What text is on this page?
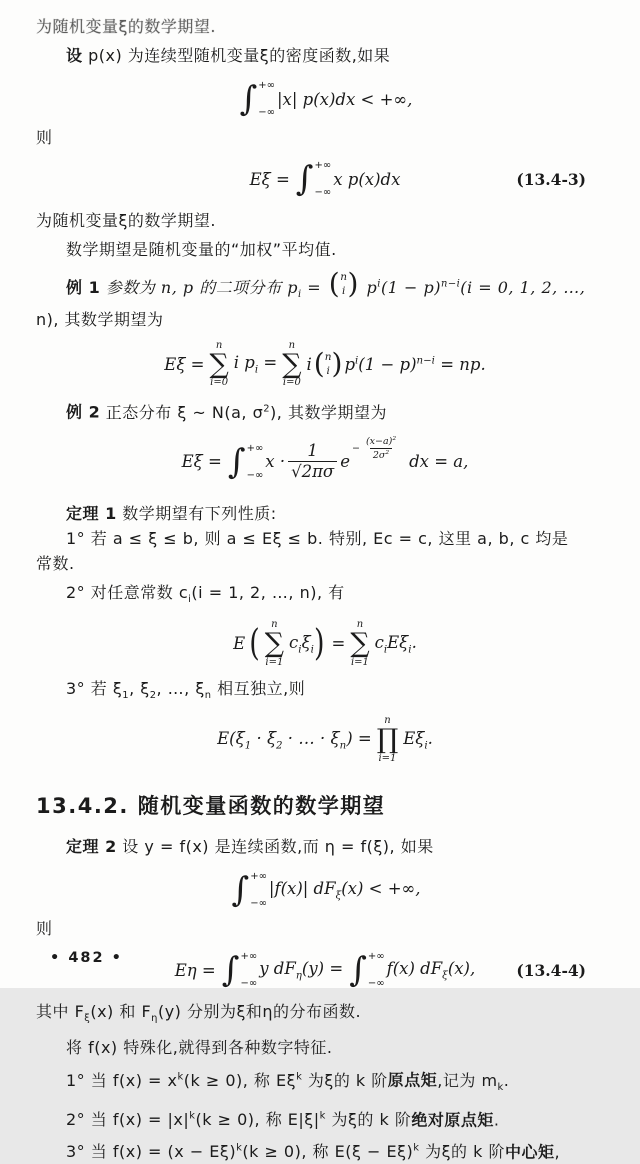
为随机变量ξ的数学期望.
设 p(x) 为连续型随机变量ξ的密度函数,如果
∫ +∞
−∞
|x| p(x)dx < +∞,
则
Eξ = ∫ +∞
−∞
x p(x)dx	(13.4-3)
为随机变量ξ的数学期望.
数学期望是随机变量的“加权”平均值.
例 1 参数为 n, p 的二项分布 $p_i$ = ( n
i ) $p^i(1 - p)^{n-i}(i = 0$, 1, 2, …,
n), 其数学期望为
Eξ =
n
∑
i=0
i $p_i$ =
n
∑
i=0
i ( n
i ) $p^i(1 - p)^{n-i}$ = np.
例 2 正态分布 ξ ~ N(a, $\sigma^2$), 其数学期望为
Eξ = ∫ +∞
−∞
$x \cdot \frac{1}{√2\pi\sigma}$ e
− $\frac{(x-a)^2}{2\sigma^2}$ dx = a,
定理 1 数学期望有下列性质:
1° 若 a ≤ ξ ≤ b, 则 a ≤ Eξ ≤ b. 特别, Ec = c, 这里 a, b, c 均是
常数.
2° 对任意常数 $c_i(i = 1$, 2, …, n), 有
E ( n
∑
i=1
$c_i\xi_i$ ) =
n
∑
i=1
$c_iE\xi_i$.
3° 若 $\xi_1$, $\xi_2$, …, $\xi_n$ 相互独立,则
$E(\xi_1 \cdot \xi_2$ · … · $\xi_n$) =
n
∏
i=1
$E\xi_i$.
13.4.2. 随机变量函数的数学期望
定理 2 设 y = f(x) 是连续函数,而 η = f(ξ), 如果
∫ +∞
−∞
|f(x)| $dF_\xi(x)$ < +∞,
则
Eη = ∫ +∞
−∞
y $dF_\eta(y)$ = ∫ +∞
−∞
f(x) $dF_\xi(x)$,	(13.4-4)
其中 $F_\xi(x)$ 和 $F_\eta(y)$ 分别为ξ和η的分布函数.
将 f(x) 特殊化,就得到各种数字特征.
1° 当 $f(x) = x^k(k \ge 0)$, 称 $E\xi^k$ 为ξ的 k 阶原点矩,记为 $m_k$.
2° 当 $f(x) = |x|^k(k \ge 0)$, 称 $E|\xi|^k$ 为ξ的 k 阶绝对原点矩.
3° 当 $f(x) = (x - E\xi)^k(k \ge 0)$, 称 $E(\xi - E\xi)^k$ 为ξ的 k 阶中心矩,
• 482 •
